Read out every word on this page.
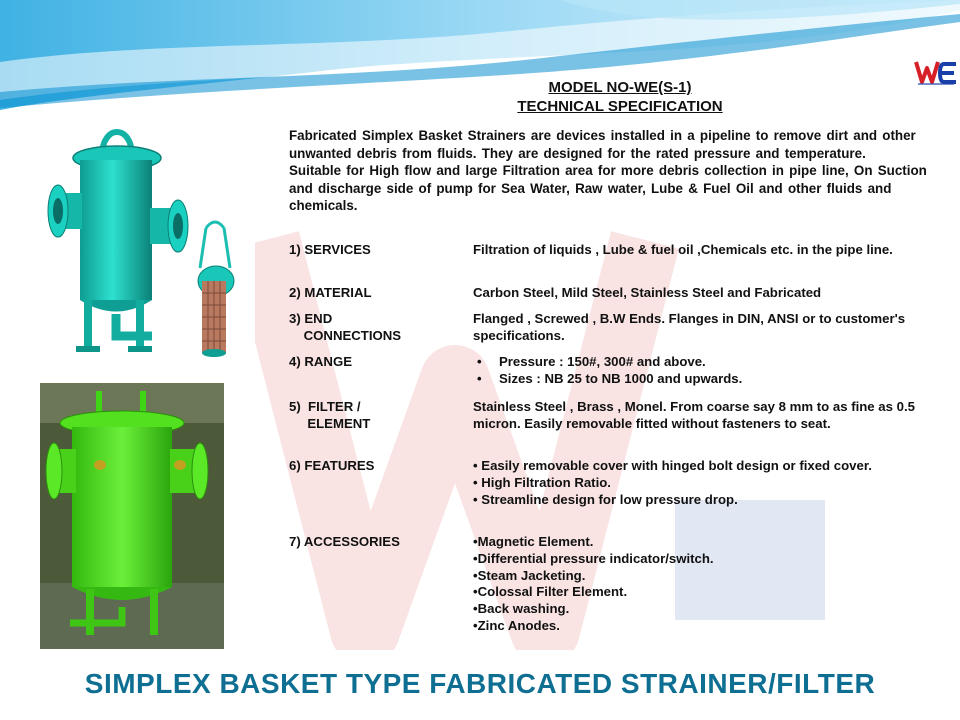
MODEL NO-WE(S-1)
TECHNICAL SPECIFICATION

Fabricated Simplex Basket Strainers are devices installed in a pipeline to remove dirt and other unwanted debris from fluids. They are designed for the rated pressure and temperature.

Suitable for High flow and large Filtration area for more debris collection in pipe line, On Suction and discharge side of pump for Sea Water, Raw water, Lube & Fuel Oil and other fluids and chemicals.

1) SERVICES	Filtration of liquids , Lube & fuel oil ,Chemicals etc. in the pipe line.
2) MATERIAL	Carbon Steel, Mild Steel, Stainless Steel and Fabricated
3) END
CONNECTIONS
Flanged , Screwed , B.W Ends. Flanges in DIN, ANSI or to customer's specifications.
4) RANGE
•	Pressure : 150#, 300# and above.
• Sizes : NB 25 to NB 1000 and upwards.
5)  FILTER /
ELEMENT
Stainless Steel , Brass , Monel. From coarse say 8 mm to as fine as 0.5 micron. Easily removable fitted without fasteners to seat.
6) FEATURES	• Easily removable cover with hinged bolt design or fixed cover.
• High Filtration Ratio.
• Streamline design for low pressure drop.
7) ACCESSORIES	•Magnetic Element.
•Differential pressure indicator/switch.
•Steam Jacketing.
•Colossal Filter Element.
•Back washing.
•Zinc Anodes.
SIMPLEX BASKET TYPE FABRICATED STRAINER/FILTER
